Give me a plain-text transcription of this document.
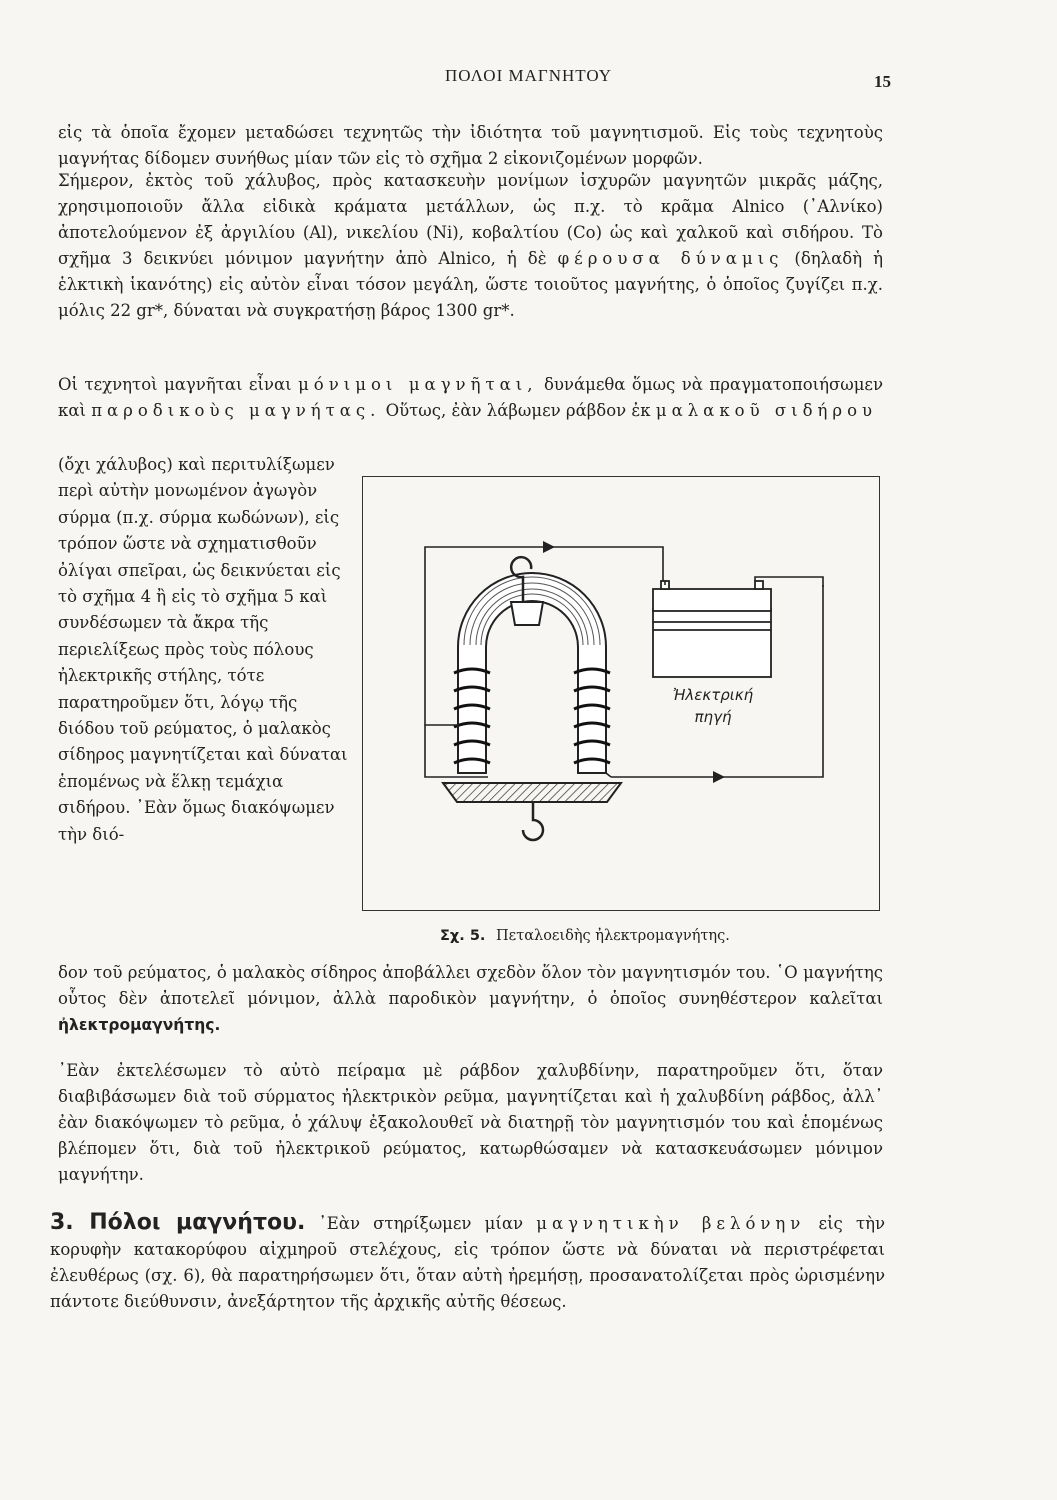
ΠΟΛΟΙ ΜΑΓΝΗΤΟΥ	15

εἰς τὰ ὁποῖα ἔχομεν μεταδώσει τεχνητῶς τὴν ἰδιότητα τοῦ μαγνητισμοῦ. Εἰς τοὺς τεχνητοὺς μαγνήτας δίδομεν συνήθως μίαν τῶν εἰς τὸ σχῆμα 2 εἰκονιζομένων μορφῶν.

Σήμερον, ἐκτὸς τοῦ χάλυβος, πρὸς κατασκευὴν μονίμων ἰσχυρῶν μαγνητῶν μικρᾶς μάζης, χρησιμοποιοῦν ἄλλα εἰδικὰ κράματα μετάλλων, ὡς π.χ. τὸ κρᾶμα Alnico (᾿Αλνίκο) ἀποτελούμενον ἐξ ἀργιλίου (Al), νικελίου (Ni), κοβαλτίου (Co) ὡς καὶ χαλκοῦ καὶ σιδήρου. Τὸ σχῆμα 3 δεικνύει μόνιμον μαγνήτην ἀπὸ Alnico, ἡ δὲ φέρουσα δύναμις (δηλαδὴ ἡ ἑλκτικὴ ἱκανότης) εἰς αὐτὸν εἶναι τόσον μεγάλη, ὥστε τοιοῦτος μαγνήτης, ὁ ὁποῖος ζυγίζει π.χ. μόλις 22 gr*, δύναται νὰ συγκρατήσῃ βάρος 1300 gr*.

Οἱ τεχνητοὶ μαγνῆται εἶναι μόνιμοι μαγνῆται, δυνάμεθα ὅμως νὰ πραγματοποιήσωμεν καὶ παροδικοὺς μαγνήτας. Οὕτως, ἐὰν λάβωμεν ράβδον ἐκ μαλακοῦ σιδήρου

(ὄχι χάλυβος) καὶ περιτυλίξωμεν περὶ αὐτὴν μονωμένον ἀγωγὸν σύρμα (π.χ. σύρμα κωδώνων), εἰς τρόπον ὥστε νὰ σχηματισθοῦν ὀλίγαι σπεῖραι, ὡς δεικνύεται εἰς τὸ σχῆμα 4 ἢ εἰς τὸ σχῆμα 5 καὶ συνδέσωμεν τὰ ἄκρα τῆς περιελίξεως πρὸς τοὺς πόλους ἠλεκτρικῆς στήλης, τότε παρατηροῦμεν ὅτι, λόγῳ τῆς διόδου τοῦ ρεύματος, ὁ μαλακὸς σίδηρος μαγνητίζεται καὶ δύναται ἑπομένως νὰ ἕλκῃ τεμάχια σιδήρου. ᾿Εὰν ὅμως διακόψωμεν τὴν διό-

Ἠλεκτρική
πηγή
Σχ. 5. Πεταλοειδὴς ἠλεκτρομαγνήτης.

δον τοῦ ρεύματος, ὁ μαλακὸς σίδηρος ἀποβάλλει σχεδὸν ὅλον τὸν μαγνητισμόν του. ῾Ο μαγνήτης οὗτος δὲν ἀποτελεῖ μόνιμον, ἀλλὰ παροδικὸν μαγνήτην, ὁ ὁποῖος συνηθέστερον καλεῖται ἠλεκτρομαγνήτης.

᾿Εὰν ἐκτελέσωμεν τὸ αὐτὸ πείραμα μὲ ράβδον χαλυβδίνην, παρατηροῦμεν ὅτι, ὅταν διαβιβάσωμεν διὰ τοῦ σύρματος ἠλεκτρικὸν ρεῦμα, μαγνητίζεται καὶ ἡ χαλυβδίνη ράβδος, ἀλλ᾿ ἐὰν διακόψωμεν τὸ ρεῦμα, ὁ χάλυψ ἐξακολουθεῖ νὰ διατηρῇ τὸν μαγνητισμόν του καὶ ἑπομένως βλέπομεν ὅτι, διὰ τοῦ ἠλεκτρικοῦ ρεύματος, κατωρθώσαμεν νὰ κατασκευάσωμεν μόνιμον μαγνήτην.

3. Πόλοι μαγνήτου. ᾿Εὰν στηρίξωμεν μίαν μαγνητικὴν βελόνην εἰς τὴν κορυφὴν κατακορύφου αἰχμηροῦ στελέχους, εἰς τρόπον ὥστε νὰ δύναται νὰ περιστρέφεται ἐλευθέρως (σχ. 6), θὰ παρατηρήσωμεν ὅτι, ὅταν αὐτὴ ἠρεμήσῃ, προσανατολίζεται πρὸς ὡρισμένην πάντοτε διεύθυνσιν, ἀνεξάρτητον τῆς ἀρχικῆς αὐτῆς θέσεως.
